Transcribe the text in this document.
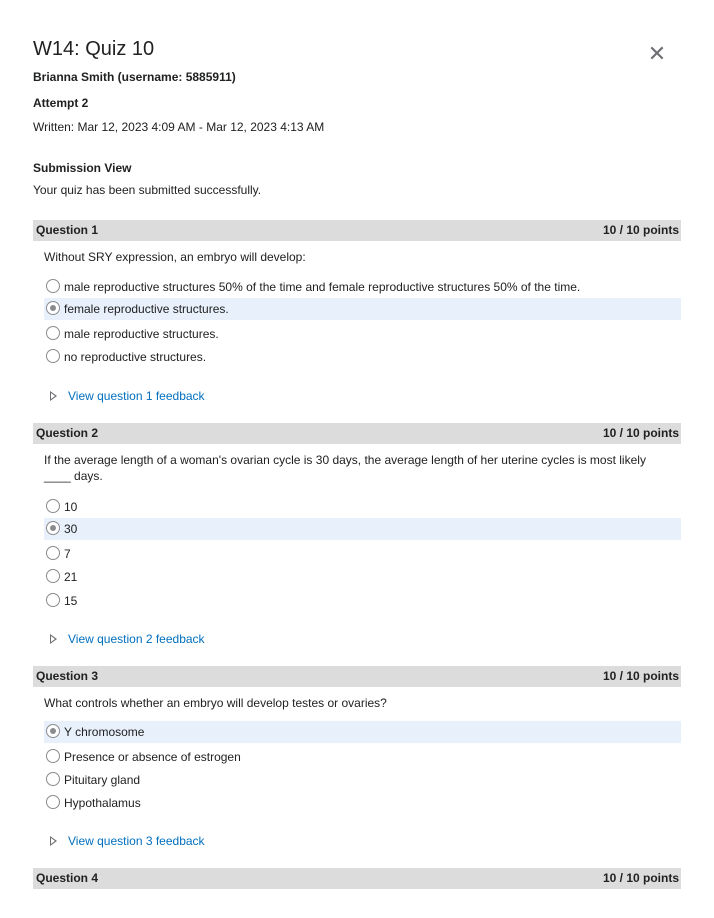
W14: Quiz 10	✕
Brianna Smith (username: 5885911)
Attempt 2
Written: Mar 12, 2023 4:09 AM - Mar 12, 2023 4:13 AM
Submission View
Your quiz has been submitted successfully.
Question 1	10 / 10 points
Without SRY expression, an embryo will develop:
male reproductive structures 50% of the time and female reproductive structures 50% of the time.
female reproductive structures.
male reproductive structures.
no reproductive structures.
View question 1 feedback
Question 2	10 / 10 points
If the average length of a woman's ovarian cycle is 30 days, the average length of her uterine cycles is most likely ____ days.
10
30
7
21
15
View question 2 feedback
Question 3	10 / 10 points
What controls whether an embryo will develop testes or ovaries?
Y chromosome
Presence or absence of estrogen
Pituitary gland
Hypothalamus
View question 3 feedback
Question 4	10 / 10 points
